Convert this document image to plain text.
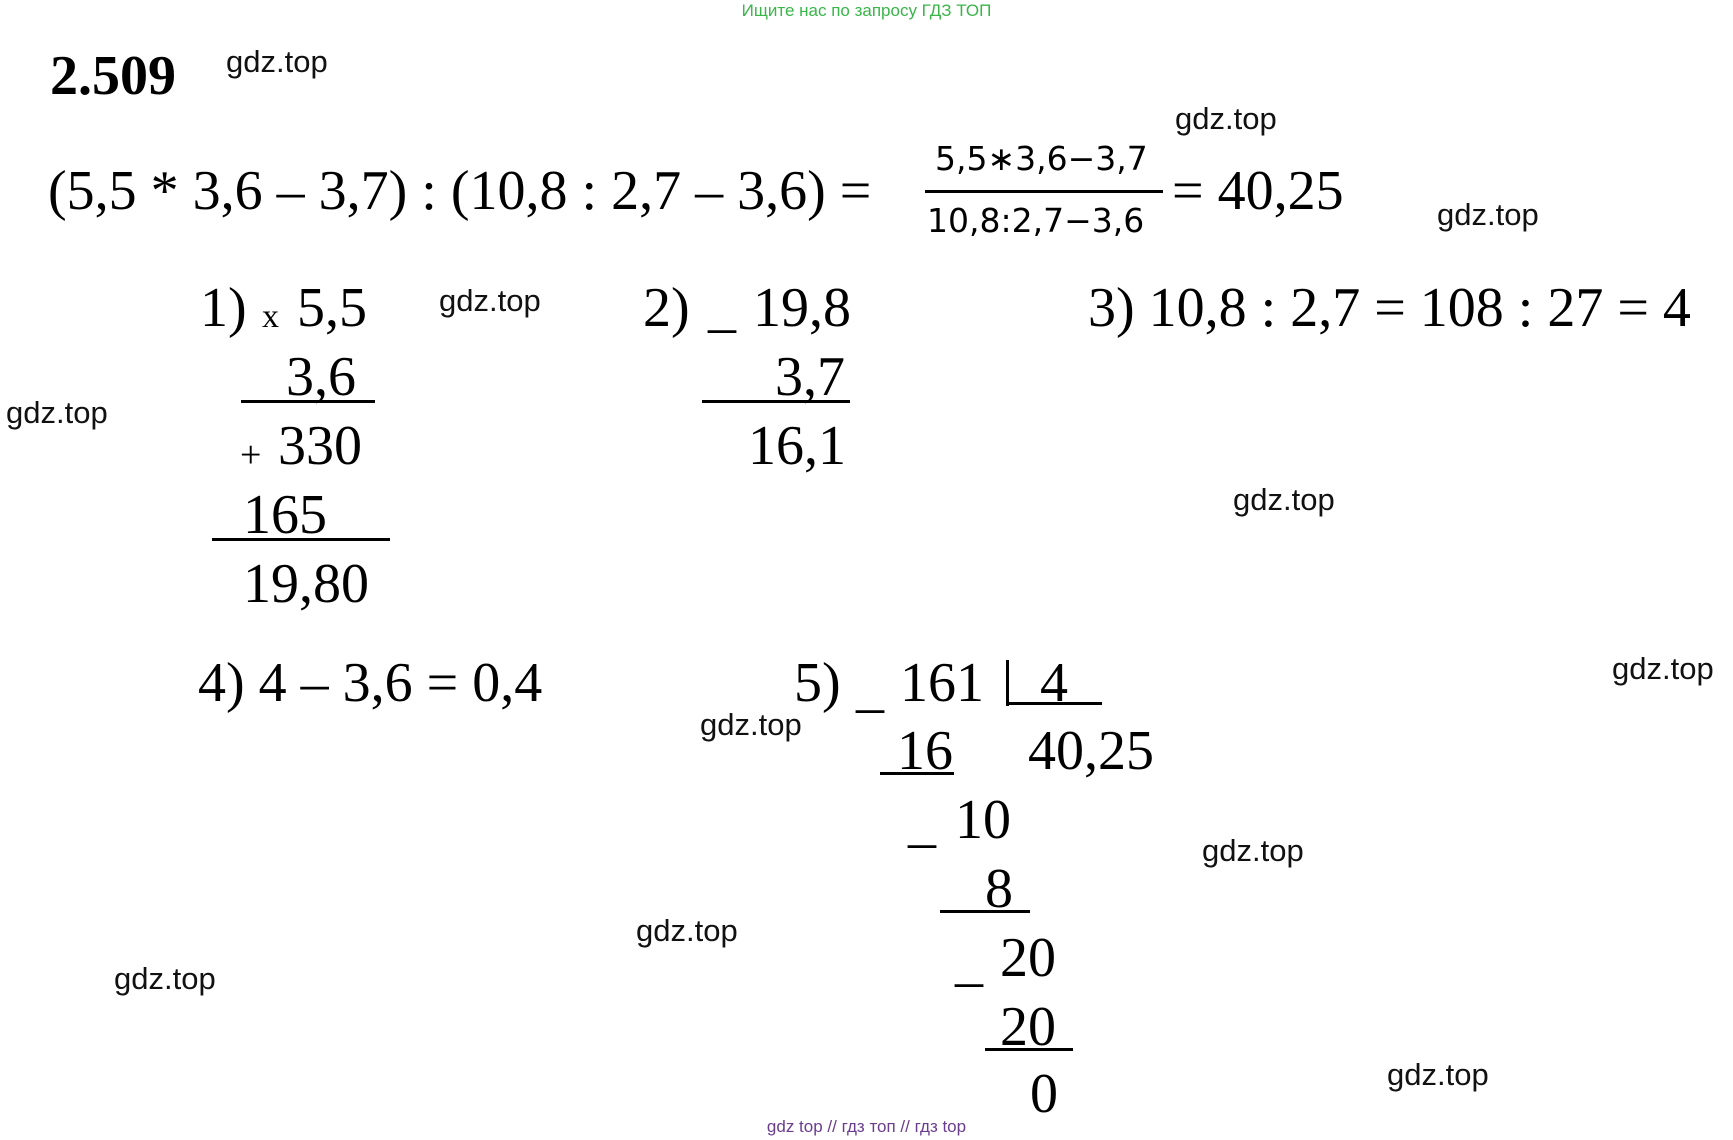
Ищите нас по запросу ГДЗ ТОП
gdz top // гдз топ // гдз top
2.509 gdz.top
gdz.top
gdz.top
gdz.top
gdz.top
gdz.top
gdz.top
gdz.top
gdz.top
gdz.top
gdz.top
gdz.top
(5,5 * 3,6 – 3,7) : (10,8 : 2,7 – 3,6) =
5,5∗3,6−3,7
10,8:2,7−3,6 = 40,25
1) x 5,5
3,6
+ 330
165
19,80
2) _ 19,8
3,7
16,1
3) 10,8 : 2,7 = 108 : 27 = 4
4) 4 – 3,6 = 0,4	5) _ 161 4
40,25
16
_ 10
8
_ 20
20
0
